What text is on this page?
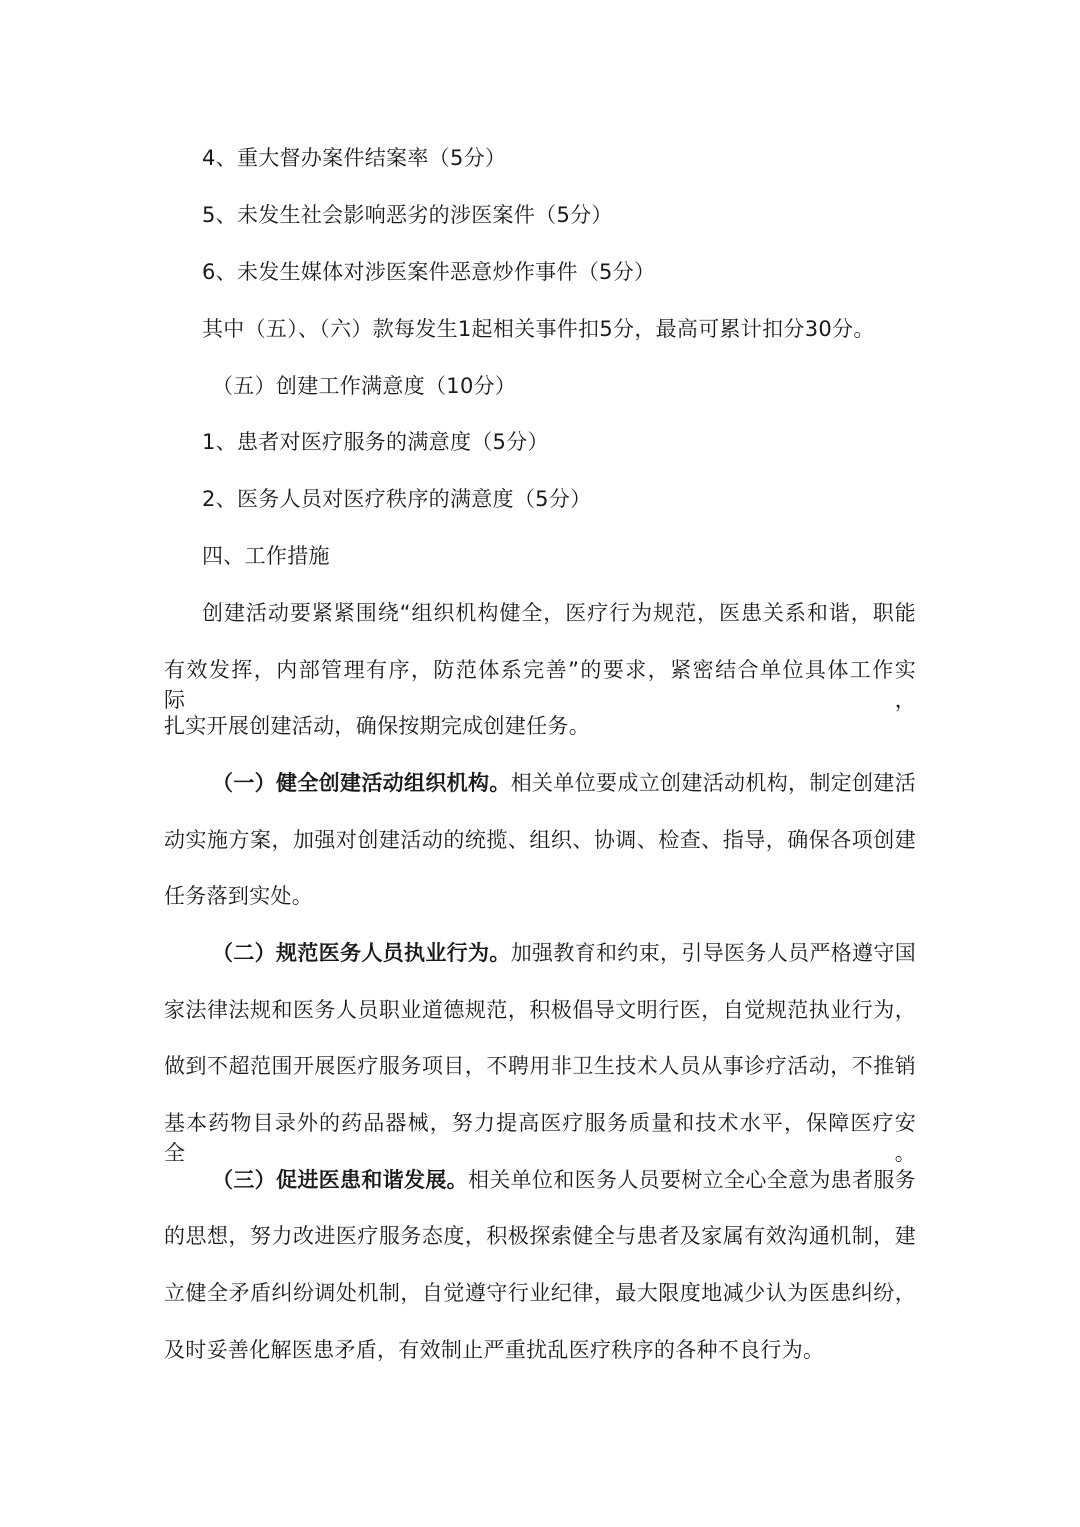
4、重大督办案件结案率（5分）
5、未发生社会影响恶劣的涉医案件（5分）
6、未发生媒体对涉医案件恶意炒作事件（5分）
其中（五）、（六）款每发生1起相关事件扣5分，最高可累计扣分30分。
（五）创建工作满意度（10分）
1、患者对医疗服务的满意度（5分）
2、医务人员对医疗秩序的满意度（5分）
四、工作措施
创建活动要紧紧围绕“组织机构健全，医疗行为规范，医患关系和谐，职能
有效发挥，内部管理有序，防范体系完善”的要求，紧密结合单位具体工作实际，
扎实开展创建活动，确保按期完成创建任务。
（一）健全创建活动组织机构。相关单位要成立创建活动机构，制定创建活
动实施方案，加强对创建活动的统揽、组织、协调、检查、指导，确保各项创建
任务落到实处。
（二）规范医务人员执业行为。加强教育和约束，引导医务人员严格遵守国
家法律法规和医务人员职业道德规范，积极倡导文明行医，自觉规范执业行为，
做到不超范围开展医疗服务项目，不聘用非卫生技术人员从事诊疗活动，不推销
基本药物目录外的药品器械，努力提高医疗服务质量和技术水平，保障医疗安全。
（三）促进医患和谐发展。相关单位和医务人员要树立全心全意为患者服务
的思想，努力改进医疗服务态度，积极探索健全与患者及家属有效沟通机制，建
立健全矛盾纠纷调处机制，自觉遵守行业纪律，最大限度地减少认为医患纠纷，
及时妥善化解医患矛盾，有效制止严重扰乱医疗秩序的各种不良行为。
